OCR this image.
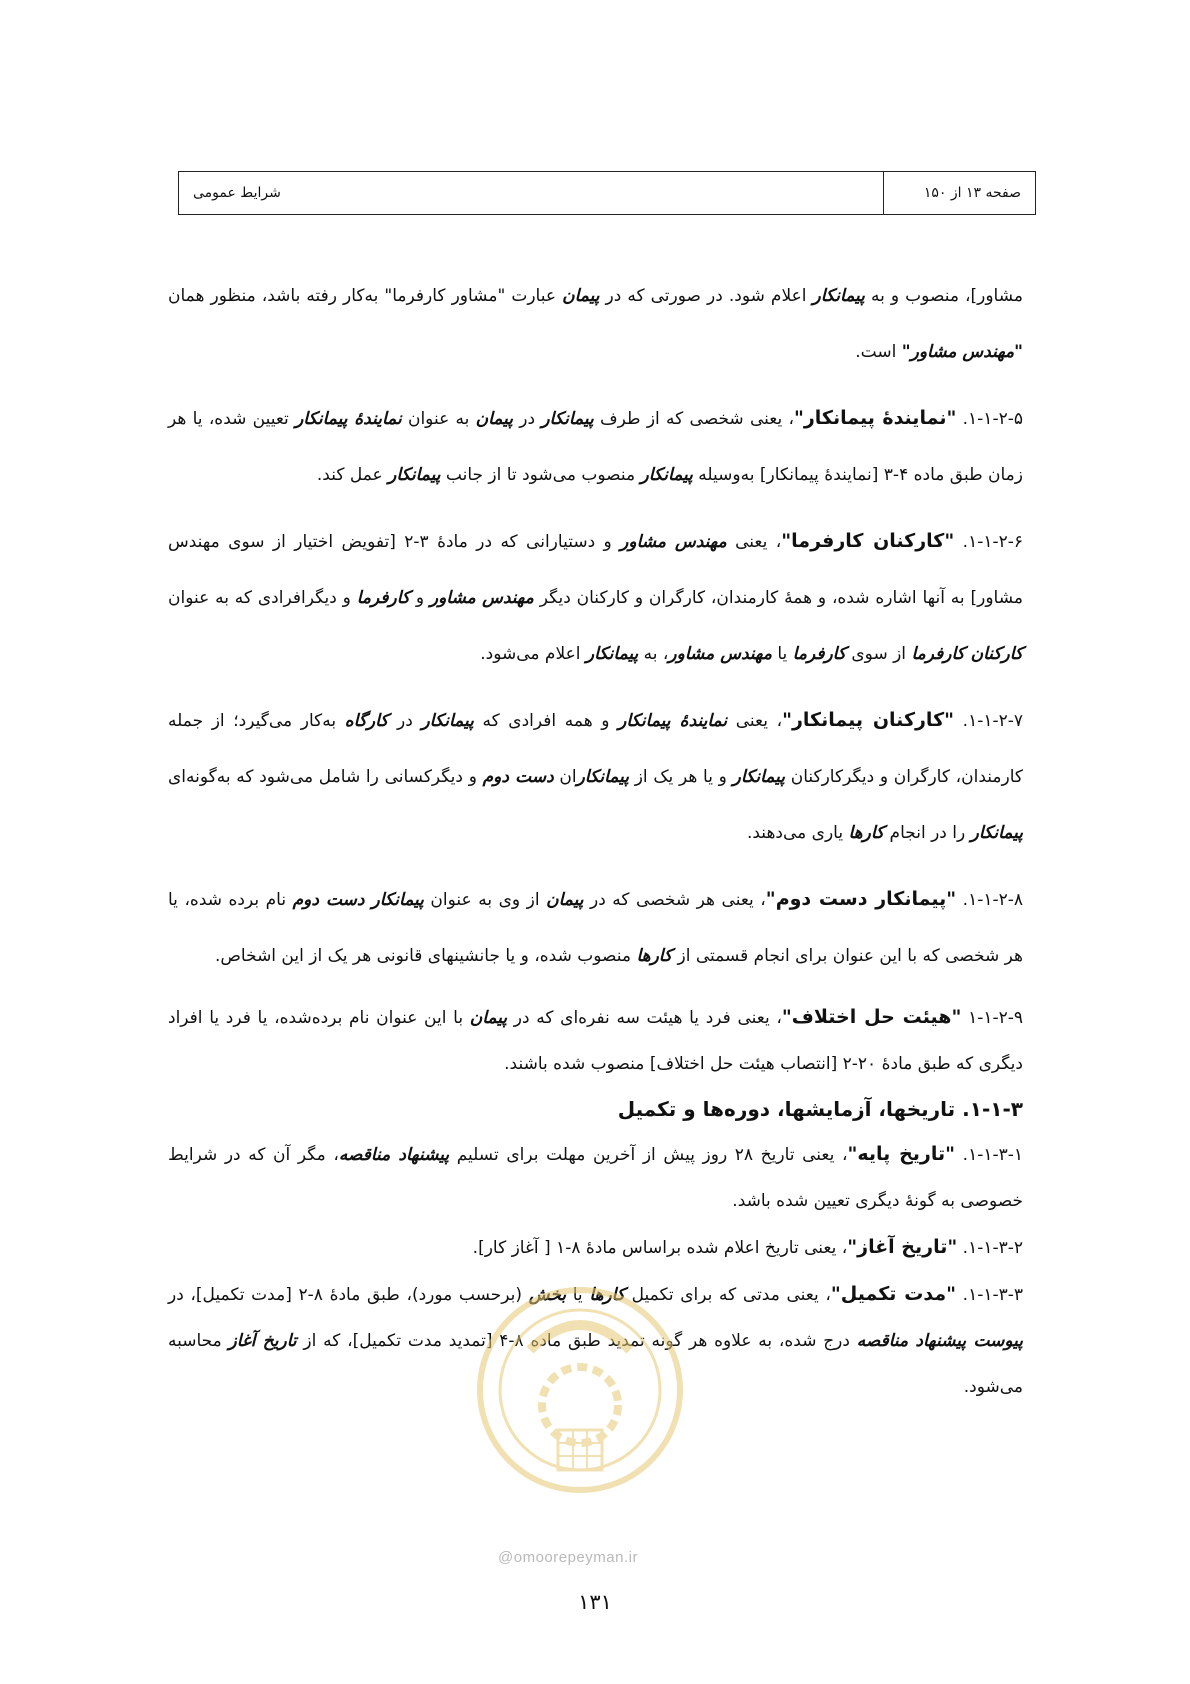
صفحه ۱۳ از ۱۵۰
شرایط عمومی

مشاور]، منصوب و به پیمانکار اعلام شود. در صورتی که در پیمان عبارت "مشاور کارفرما" به‌کار رفته باشد، منظور همان "مهندس مشاور" است.

۱-۱-۲-۵. "نمایندهٔ پیمانکار"، یعنی شخصی که از طرف پیمانکار در پیمان به عنوان نمایندهٔ پیمانکار تعیین شده، یا هر زمان طبق ماده ۴-۳ [نمایندهٔ پیمانکار] به‌وسیله پیمانکار منصوب می‌شود تا از جانب پیمانکار عمل کند.

۱-۱-۲-۶. "کارکنان کارفرما"، یعنی مهندس مشاور و دستیارانی که در مادهٔ ۳-۲ [تفویض اختیار از سوی مهندس مشاور] به آنها اشاره شده، و همهٔ کارمندان، کارگران و کارکنان دیگر مهندس مشاور و کارفرما و دیگرافرادی که به عنوان کارکنان کارفرما از سوی کارفرما یا مهندس مشاور، به پیمانکار اعلام می‌شود.

۱-۱-۲-۷. "کارکنان پیمانکار"، یعنی نمایندهٔ پیمانکار و همه افرادی که پیمانکار در کارگاه به‌کار می‌گیرد؛ از جمله کارمندان، کارگران و دیگرکارکنان پیمانکار و یا هر یک از پیمانکاران دست دوم و دیگرکسانی را شامل می‌شود که به‌گونه‌ای پیمانکار را در انجام کارها یاری می‌دهند.

۱-۱-۲-۸. "پیمانکار دست دوم"، یعنی هر شخصی که در پیمان از وی به عنوان پیمانکار دست دوم نام برده شده، یا هر شخصی که با این عنوان برای انجام قسمتی از کارها منصوب شده، و یا جانشینهای قانونی هر یک از این اشخاص.

۱-۱-۲-۹ "هیئت حل اختلاف"، یعنی فرد یا هیئت سه نفره‌ای که در پیمان با این عنوان نام برده‌شده، یا فرد یا افراد دیگری که طبق مادهٔ ۲۰-۲ [انتصاب هیئت حل اختلاف] منصوب شده باشند.

۱-۱-۳. تاریخها، آزمایشها، دوره‌ها و تکمیل

۱-۱-۳-۱. "تاریخ پایه"، یعنی تاریخ ۲۸ روز پیش از آخرین مهلت برای تسلیم پیشنهاد مناقصه، مگر آن که در شرایط خصوصی به گونهٔ دیگری تعیین شده باشد.

۱-۱-۳-۲. "تاریخ آغاز"، یعنی تاریخ اعلام شده براساس مادهٔ ۸-۱ [ آغاز کار].

۱-۱-۳-۳. "مدت تکمیل"، یعنی مدتی که برای تکمیل کارها یا بخش (برحسب مورد)، طبق مادهٔ ۸-۲ [مدت تکمیل]، در پیوست پیشنهاد مناقصه درج شده، به علاوه هر گونه تمدید طبق ماده ۸-۴ [تمدید مدت تکمیل]، که از تاریخ آغاز محاسبه می‌شود.

@omoorepeyman.ir
۱۳۱
